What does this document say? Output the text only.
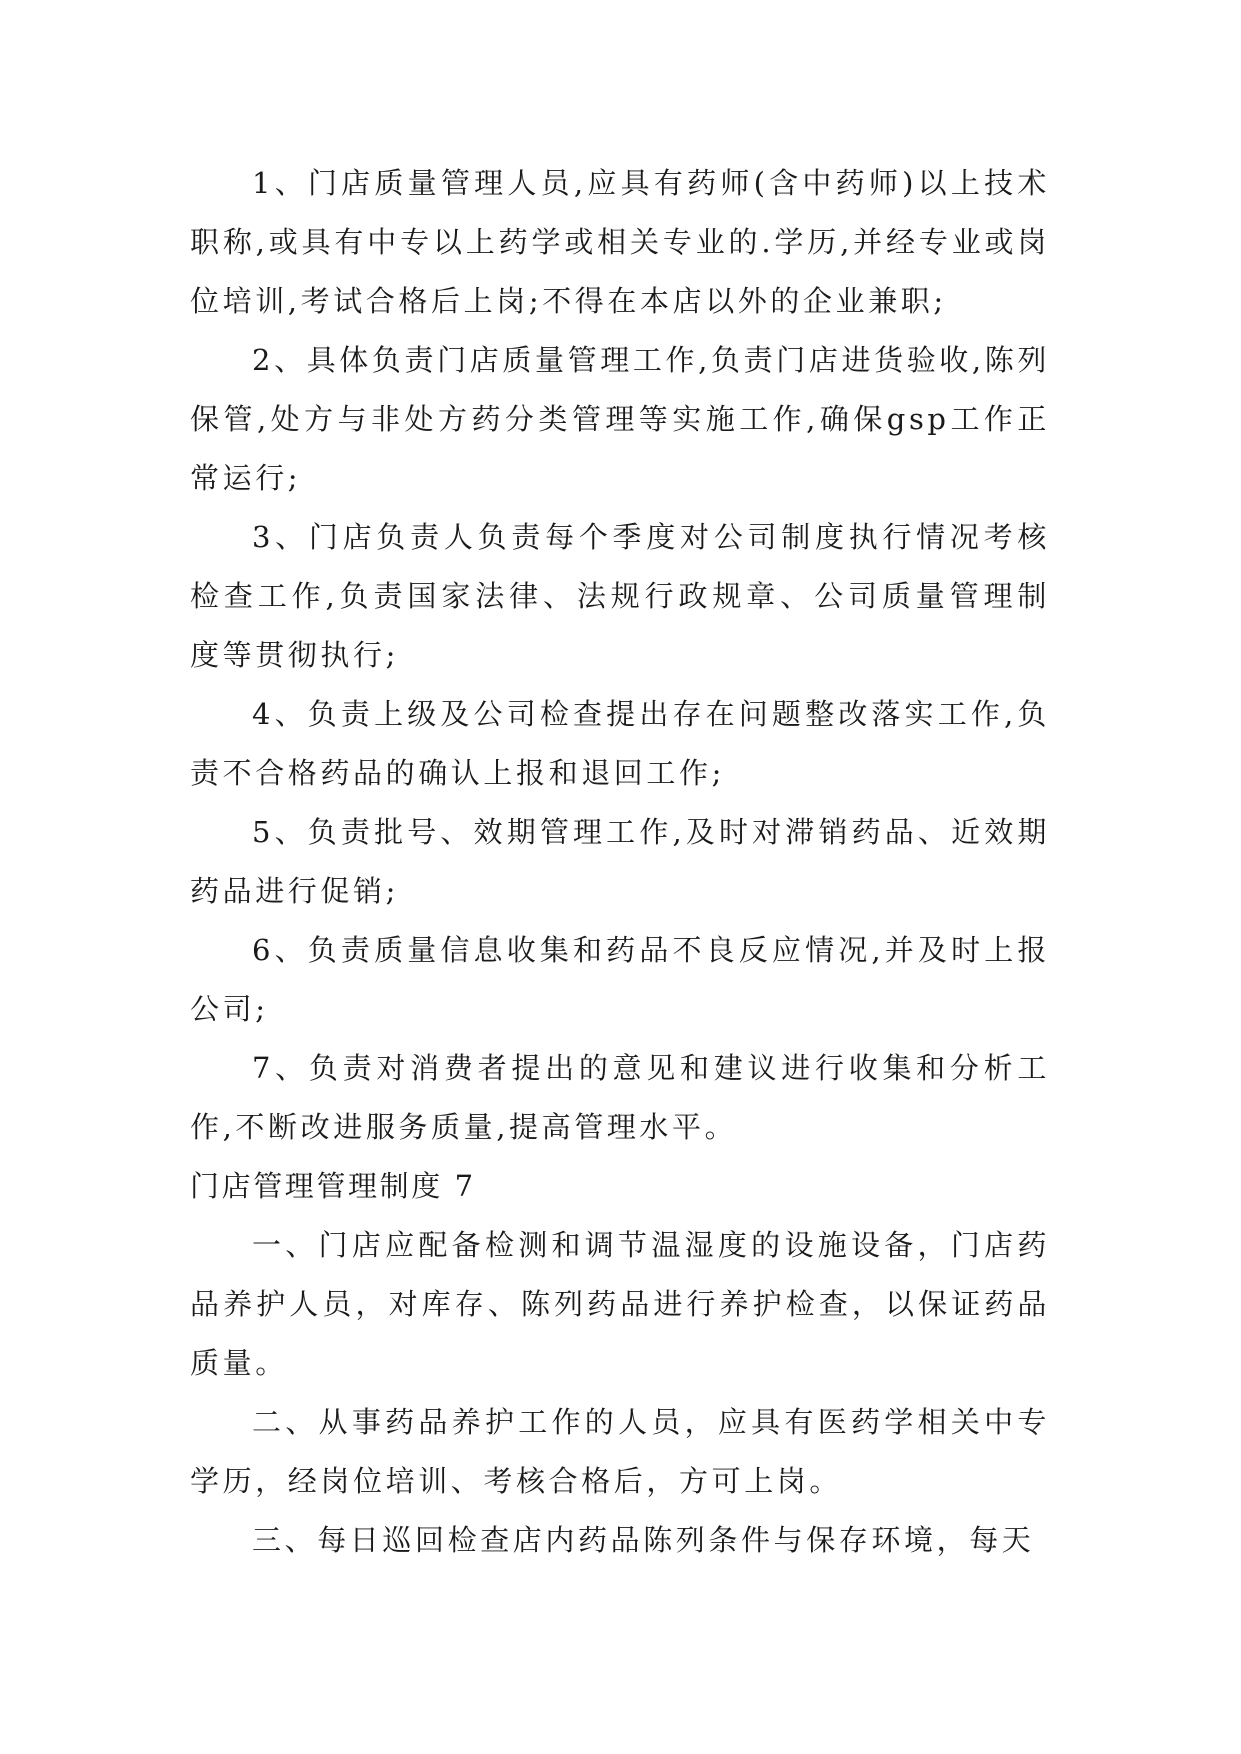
1、门店质量管理人员,应具有药师(含中药师)以上技术职称,或具有中专以上药学或相关专业的.学历,并经专业或岗位培训,考试合格后上岗;不得在本店以外的企业兼职;

2、具体负责门店质量管理工作,负责门店进货验收,陈列保管,处方与非处方药分类管理等实施工作,确保gsp工作正常运行;

3、门店负责人负责每个季度对公司制度执行情况考核检查工作,负责国家法律、法规行政规章、公司质量管理制度等贯彻执行;

4、负责上级及公司检查提出存在问题整改落实工作,负责不合格药品的确认上报和退回工作;

5、负责批号、效期管理工作,及时对滞销药品、近效期药品进行促销;

6、负责质量信息收集和药品不良反应情况,并及时上报公司;

7、负责对消费者提出的意见和建议进行收集和分析工作,不断改进服务质量,提高管理水平。

门店管理管理制度 7

一、门店应配备检测和调节温湿度的设施设备，门店药品养护人员，对库存、陈列药品进行养护检查，以保证药品质量。

二、从事药品养护工作的人员，应具有医药学相关中专学历，经岗位培训、考核合格后，方可上岗。

三、每日巡回检查店内药品陈列条件与保存环境，每天
